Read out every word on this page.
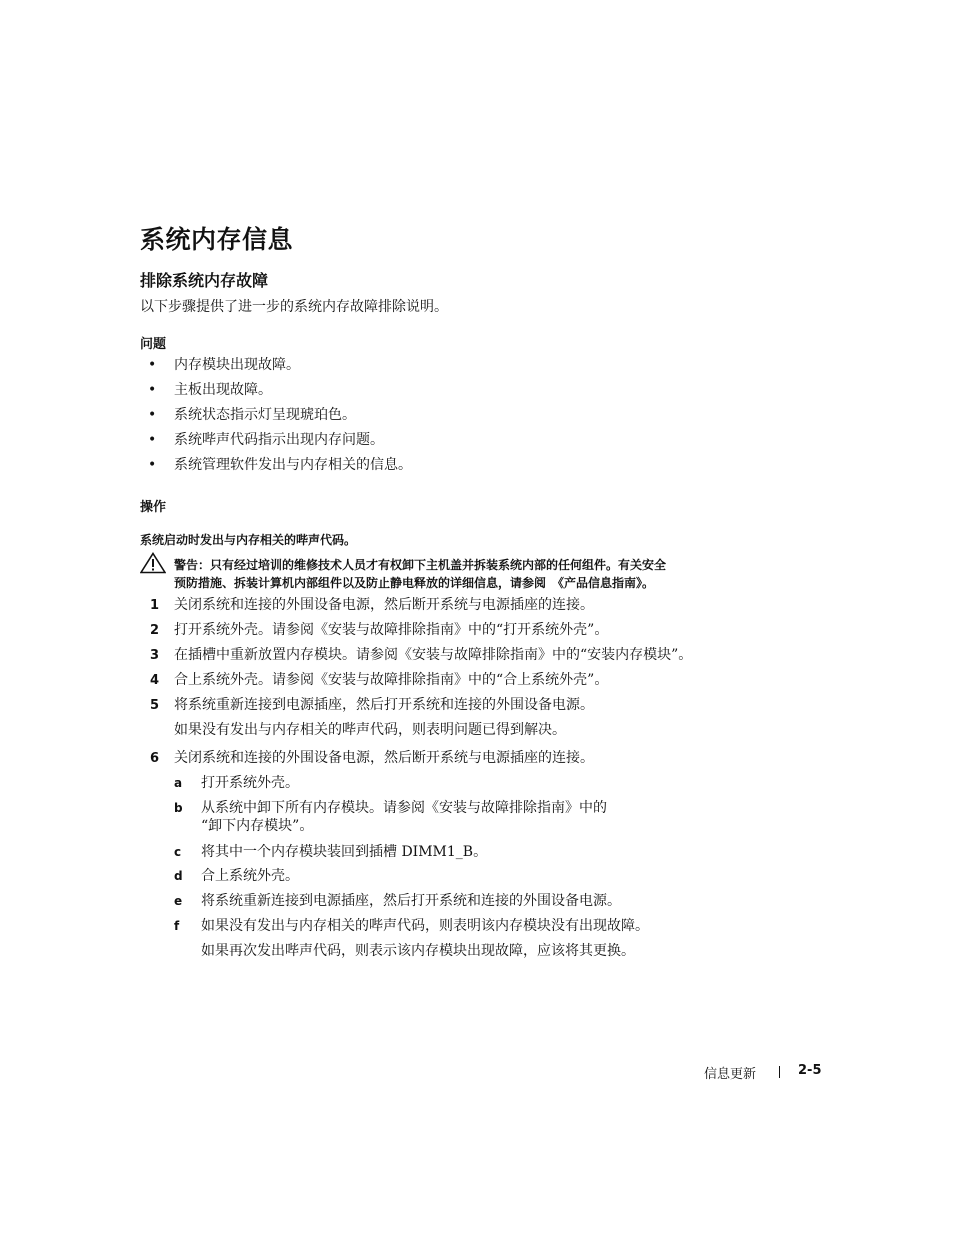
系统内存信息
排除系统内存故障
以下步骤提供了进一步的系统内存故障排除说明。
问题
• 内存模块出现故障。
• 主板出现故障。
• 系统状态指示灯呈现琥珀色。
• 系统哔声代码指示出现内存问题。
• 系统管理软件发出与内存相关的信息。
操作
系统启动时发出与内存相关的哔声代码。
警告：只有经过培训的维修技术人员才有权卸下主机盖并拆装系统内部的任何组件。有关安全
预防措施、拆装计算机内部组件以及防止静电释放的详细信息，请参阅 《产品信息指南》。
1 关闭系统和连接的外围设备电源，然后断开系统与电源插座的连接。
2 打开系统外壳。请参阅《安装与故障排除指南》中的“打开系统外壳”。
3 在插槽中重新放置内存模块。请参阅《安装与故障排除指南》中的“安装内存模块”。
4 合上系统外壳。请参阅《安装与故障排除指南》中的“合上系统外壳”。
5 将系统重新连接到电源插座，然后打开系统和连接的外围设备电源。
如果没有发出与内存相关的哔声代码，则表明问题已得到解决。
6 关闭系统和连接的外围设备电源，然后断开系统与电源插座的连接。
a 打开系统外壳。
b 从系统中卸下所有内存模块。请参阅《安装与故障排除指南》中的
“卸下内存模块”。
c 将其中一个内存模块装回到插槽 DIMM1_B。
d 合上系统外壳。
e 将系统重新连接到电源插座，然后打开系统和连接的外围设备电源。
f 如果没有发出与内存相关的哔声代码，则表明该内存模块没有出现故障。
如果再次发出哔声代码，则表示该内存模块出现故障，应该将其更换。
信息更新	2-5
